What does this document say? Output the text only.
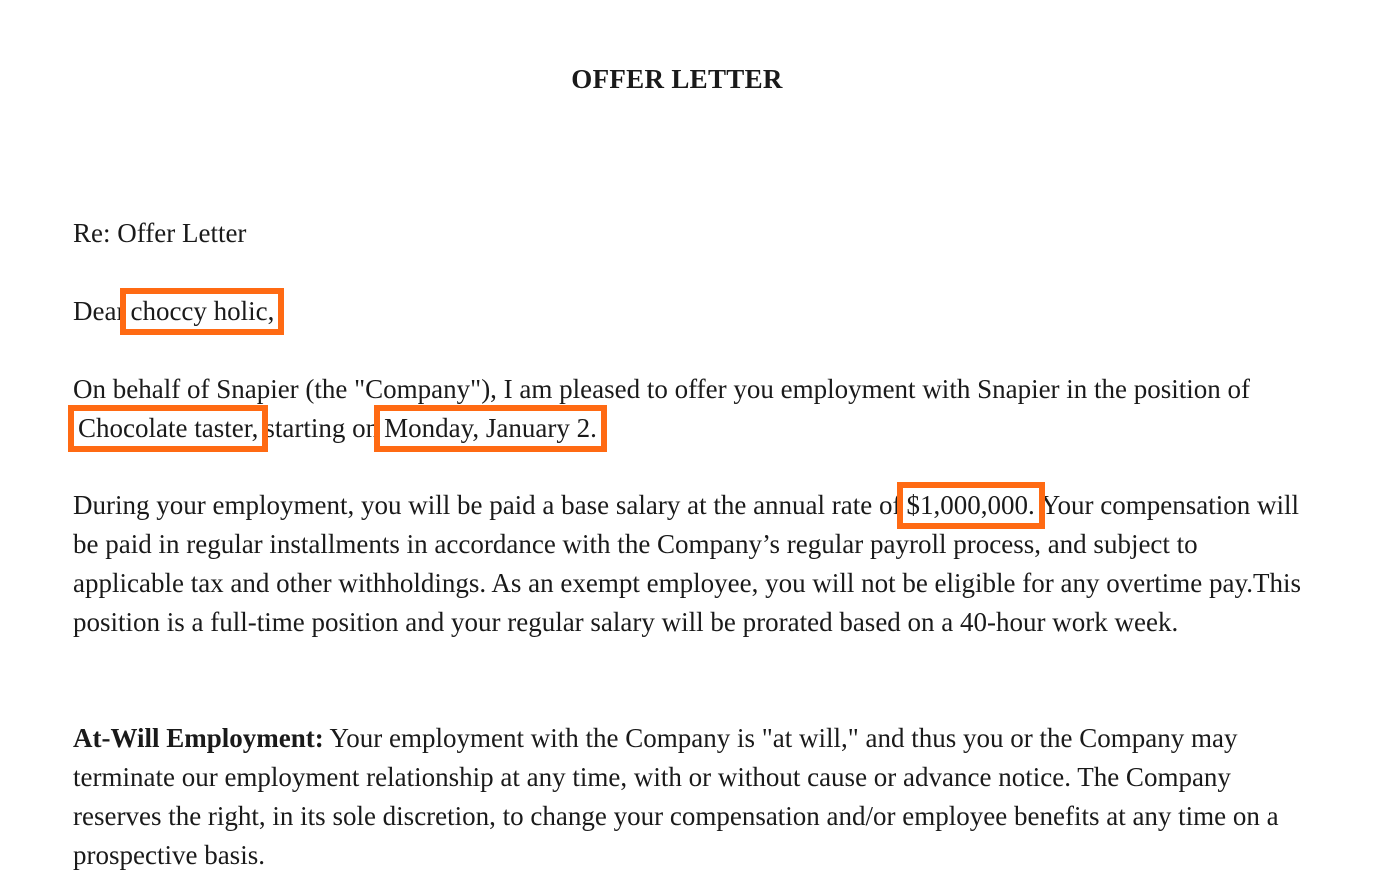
OFFER LETTER

Re: Offer Letter

Dear choccy holic,

On behalf of Snapier (the "Company"), I am pleased to offer you employment with Snapier in the position ofChocolate taster, starting on Monday, January 2.

During your employment, you will be paid a base salary at the annual rate of $1,000,000. Your compensation will be paid in regular installments in accordance with the Company’s regular payroll process, and subject to applicable tax and other withholdings. As an exempt employee, you will not be eligible for any overtime pay.This position is a full-time position and your regular salary will be prorated based on a 40-hour work week.

At-Will Employment: Your employment with the Company is "at will," and thus you or the Company may terminate our employment relationship at any time, with or without cause or advance notice. The Company reserves the right, in its sole discretion, to change your compensation and/or employee benefits at any time on a prospective basis.
